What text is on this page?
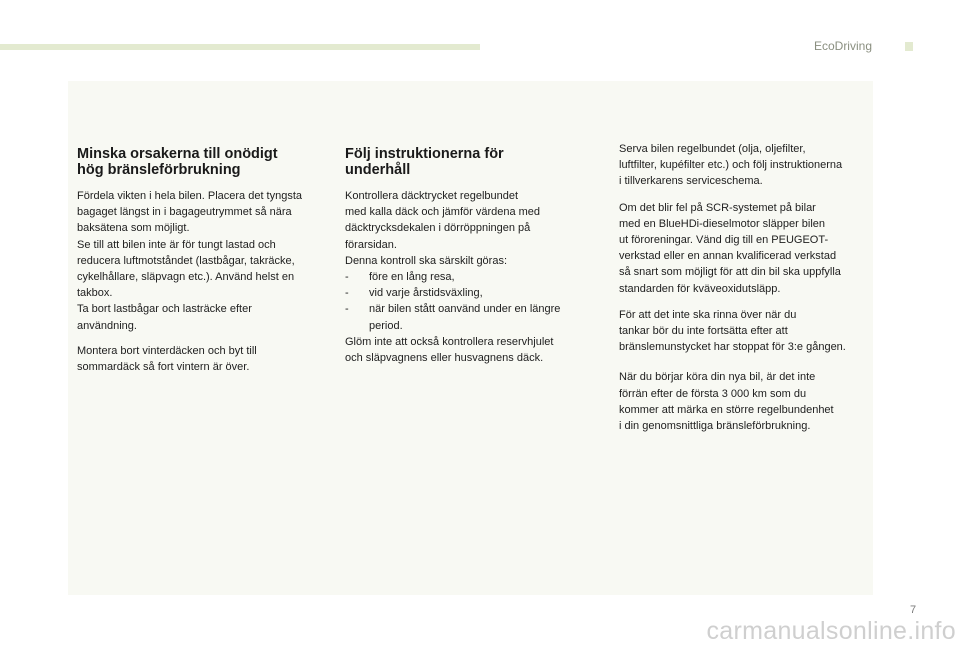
EcoDriving
Minska orsakerna till onödigt
hög bränsleförbrukning

Fördela vikten i hela bilen. Placera det tyngsta
bagaget längst in i bagageutrymmet så nära
baksätena som möjligt.
Se till att bilen inte är för tungt lastad och
reducera luftmotståndet (lastbågar, takräcke,
cykelhållare, släpvagn etc.). Använd helst en
takbox.
Ta bort lastbågar och lasträcke efter
användning.

Montera bort vinterdäcken och byt till
sommardäck så fort vintern är över.

Följ instruktionerna för
underhåll

Kontrollera däcktrycket regelbundet
med kalla däck och jämför värdena med
däcktrycksdekalen i dörröppningen på
förarsidan.
Denna kontroll ska särskilt göras:

- före en lång resa,
- vid varje årstidsväxling,
- när bilen stått oanvänd under en längre period.

Glöm inte att också kontrollera reservhjulet
och släpvagnens eller husvagnens däck.

Serva bilen regelbundet (olja, oljefilter,
luftfilter, kupéfilter etc.) och följ instruktionerna
i tillverkarens serviceschema.

Om det blir fel på SCR-systemet på bilar
med en BlueHDi-dieselmotor släpper bilen
ut föroreningar. Vänd dig till en PEUGEOT-
verkstad eller en annan kvalificerad verkstad
så snart som möjligt för att din bil ska uppfylla
standarden för kväveoxidutsläpp.

För att det inte ska rinna över när du
tankar bör du inte fortsätta efter att
bränslemunstycket har stoppat för 3:e gången.

När du börjar köra din nya bil, är det inte
förrän efter de första 3 000 km som du
kommer att märka en större regelbundenhet
i din genomsnittliga bränsleförbrukning.

7
carmanualsonline.info
